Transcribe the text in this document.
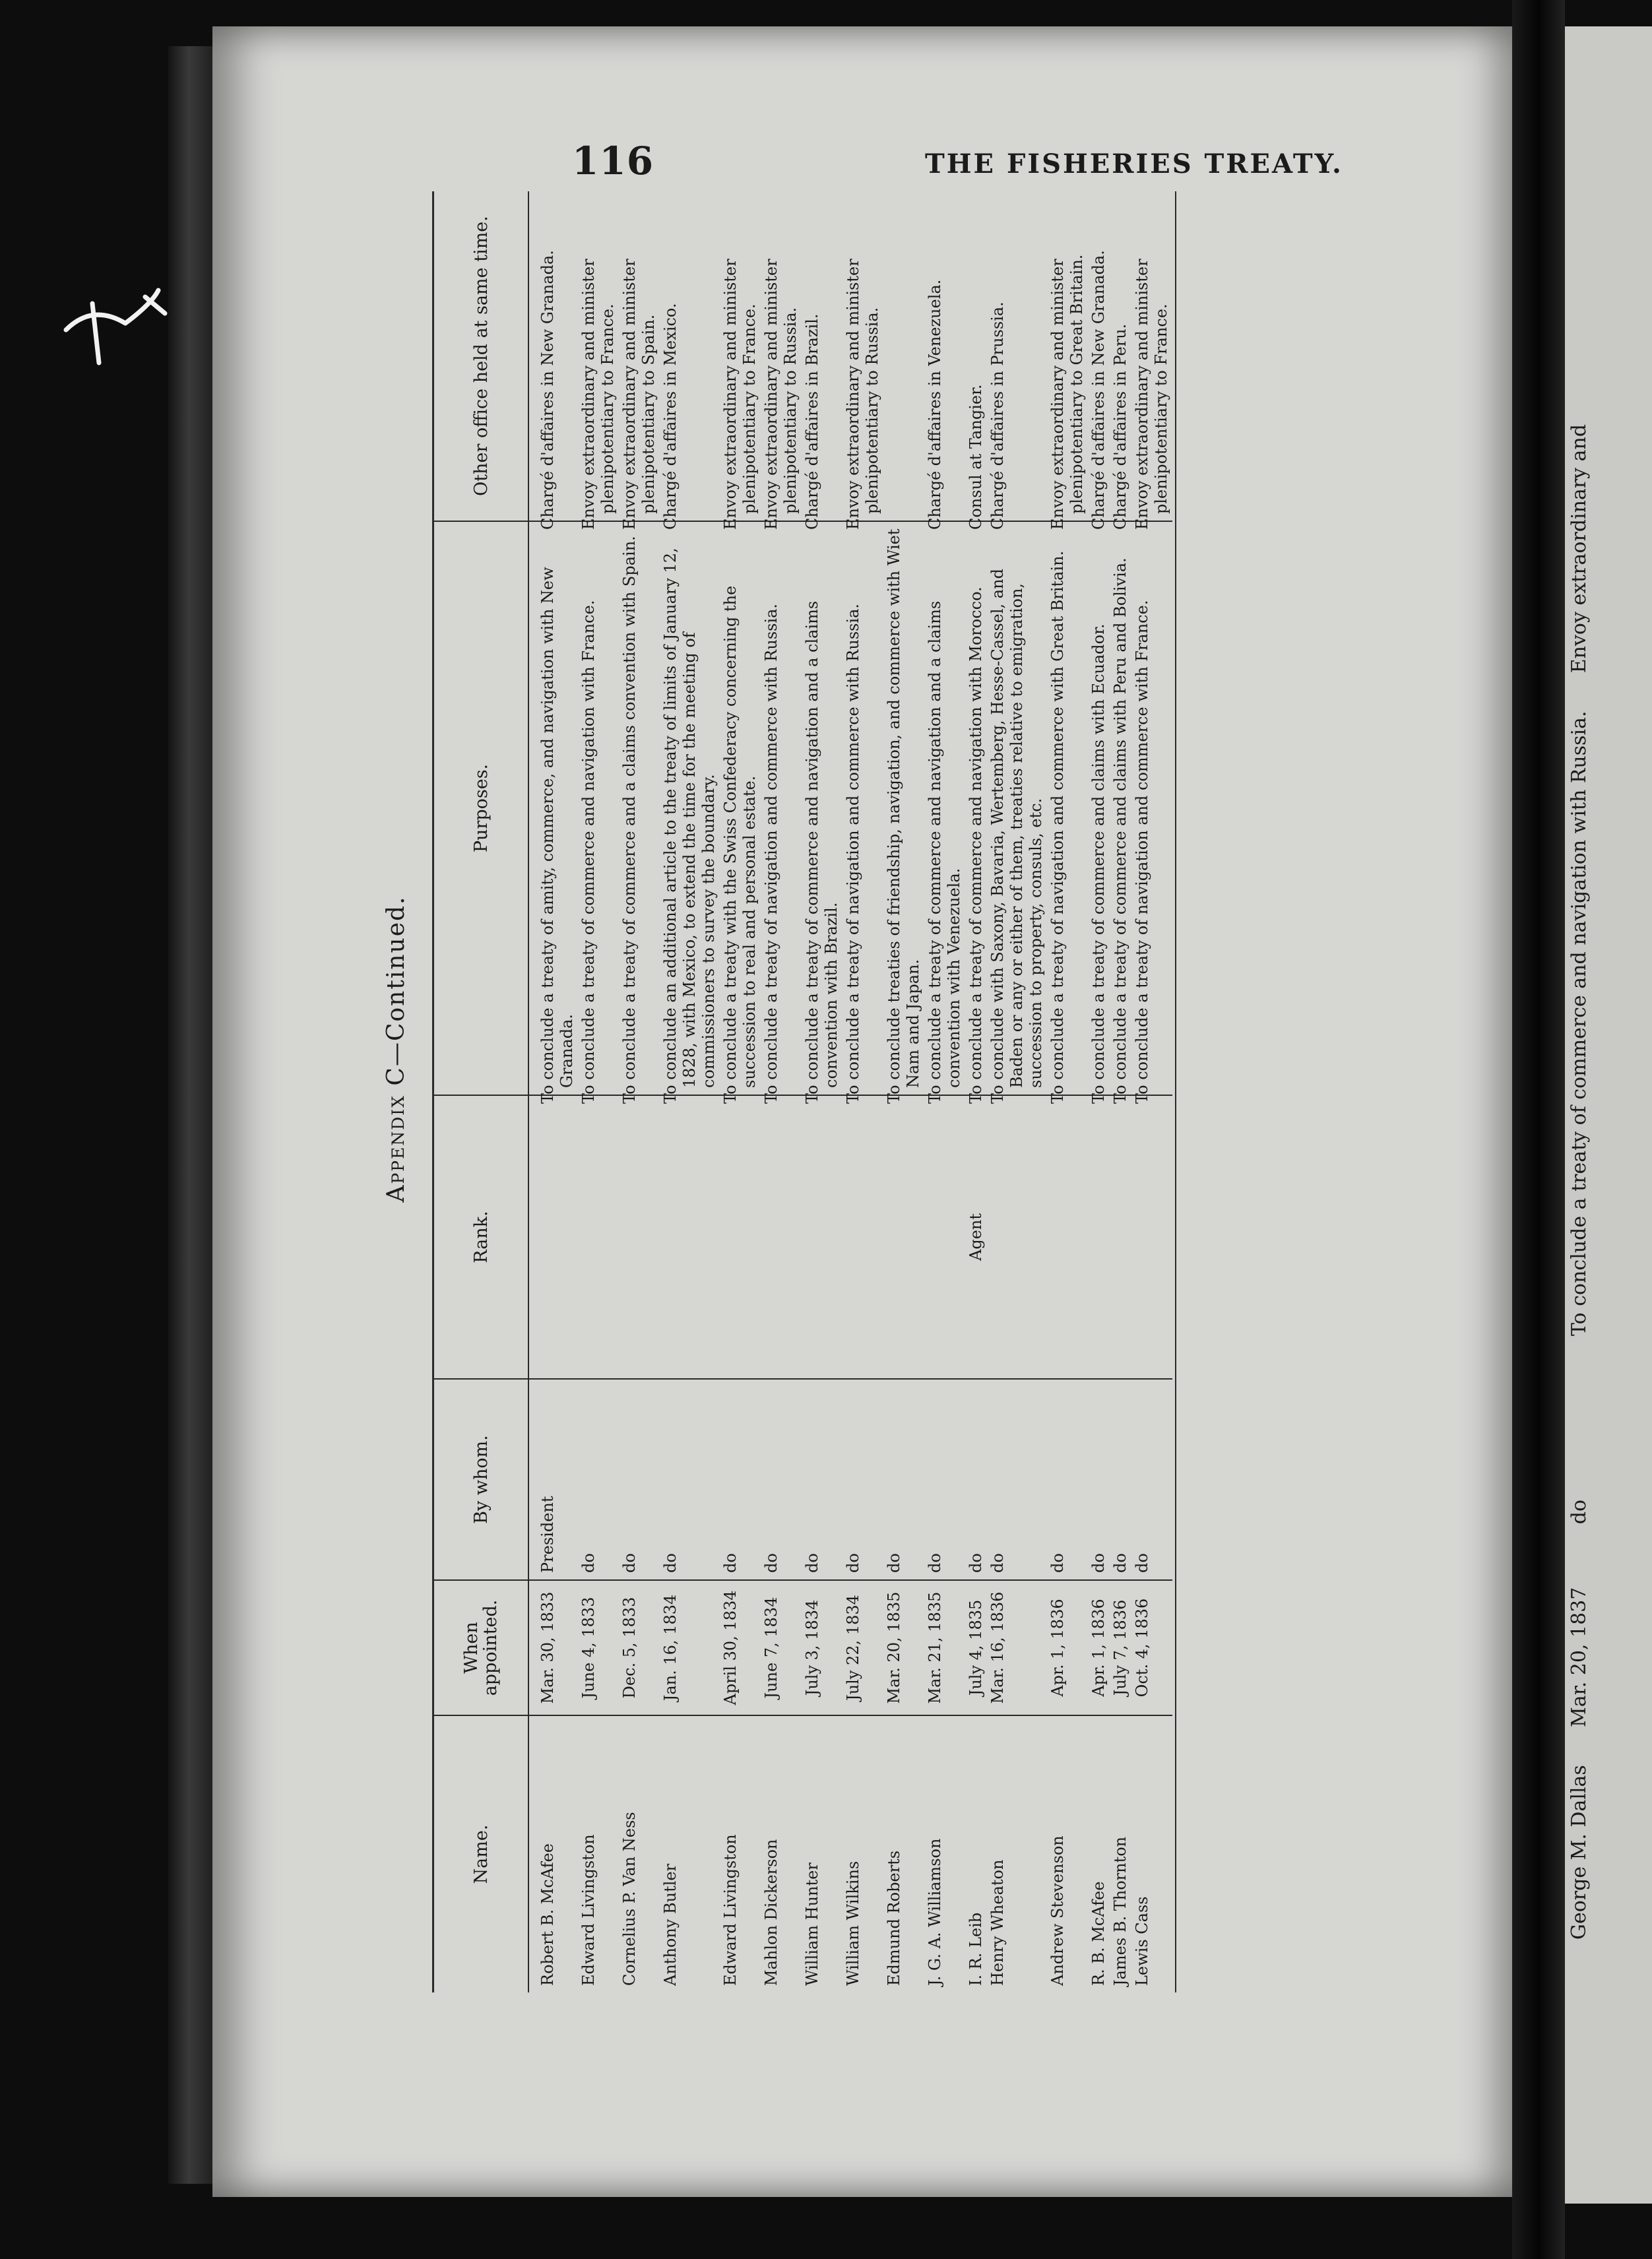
116	THE FISHERIES TREATY.
Appendix C—Continued.
Name.	When appointed.	By whom.	Rank.	Purposes.	Other office held at same time.
Robert B. McAfee	Mar. 30, 1833	President		To conclude a treaty of amity, commerce, and navigation with New Granada.	Chargé d'affaires in New Granada.
Edward Livingston	June 4, 1833	do		To conclude a treaty of commerce and navigation with France.	Envoy extraordinary and minister plenipotentiary to France.
Cornelius P. Van Ness	Dec. 5, 1833	do		To conclude a treaty of commerce and a claims convention with Spain.	Envoy extraordinary and minister plenipotentiary to Spain.
Anthony Butler	Jan. 16, 1834	do		To conclude an additional article to the treaty of limits of January 12, 1828, with Mexico, to extend the time for the meeting of commissioners to survey the boundary.	Chargé d'affaires in Mexico.
Edward Livingston	April 30, 1834	do		To conclude a treaty with the Swiss Confederacy concerning the succession to real and personal estate.	Envoy extraordinary and minister plenipotentiary to France.
Mahlon Dickerson	June 7, 1834	do		To conclude a treaty of navigation and commerce with Russia.	Envoy extraordinary and minister plenipotentiary to Russia.
William Hunter	July 3, 1834	do		To conclude a treaty of commerce and navigation and a claims convention with Brazil.	Chargé d'affaires in Brazil.
William Wilkins	July 22, 1834	do		To conclude a treaty of navigation and commerce with Russia.	Envoy extraordinary and minister plenipotentiary to Russia.
Edmund Roberts	Mar. 20, 1835	do		To conclude treaties of friendship, navigation, and commerce with Wiet Nam and Japan.	
J. G. A. Williamson	Mar. 21, 1835	do		To conclude a treaty of commerce and navigation and a claims convention with Venezuela.	Chargé d'affaires in Venezuela.
I. R. Leib	July 4, 1835	do	Agent	To conclude a treaty of commerce and navigation with Morocco.	Consul at Tangier.
Henry Wheaton	Mar. 16, 1836	do		To conclude with Saxony, Bavaria, Wertemberg, Hesse-Cassel, and Baden or any or either of them, treaties relative to emigration, succession to property, consuls, etc.	Chargé d'affaires in Prussia.
Andrew Stevenson	Apr. 1, 1836	do		To conclude a treaty of navigation and commerce with Great Britain.	Envoy extraordinary and minister plenipotentiary to Great Britain.
R. B. McAfee	Apr. 1, 1836	do		To conclude a treaty of commerce and claims with Ecuador.	Chargé d'affaires in New Granada.
James B. Thornton	July 7, 1836	do		To conclude a treaty of commerce and claims with Peru and Bolivia.	Chargé d'affaires in Peru.
Lewis Cass	Oct. 4, 1836	do		To conclude a treaty of navigation and commerce with France.	Envoy extraordinary and minister plenipotentiary to France.
George M. Dallas      Mar. 20, 1837          do                          To conclude a treaty of commerce and navigation with Russia.      Envoy extraordinary and
